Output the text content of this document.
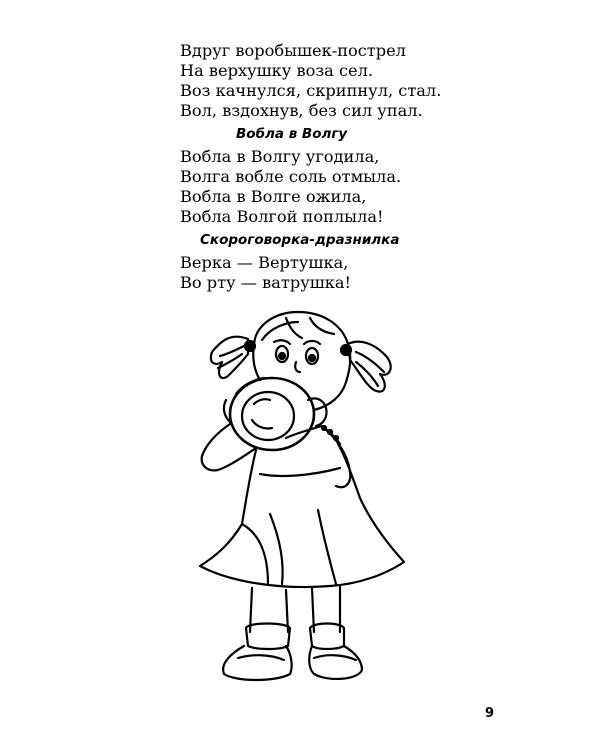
Вдруг воробышек-пострел
На верхушку воза сел.
Воз качнулся, скрипнул, стал.
Вол, вздохнув, без сил упал.
Вобла в Волгу
Вобла в Волгу угодила,
Волга вобле соль отмыла.
Вобла в Волге ожила,
Вобла Волгой поплыла!
Скороговорка-дразнилка
Верка — Вертушка,
Во рту — ватрушка!
9
